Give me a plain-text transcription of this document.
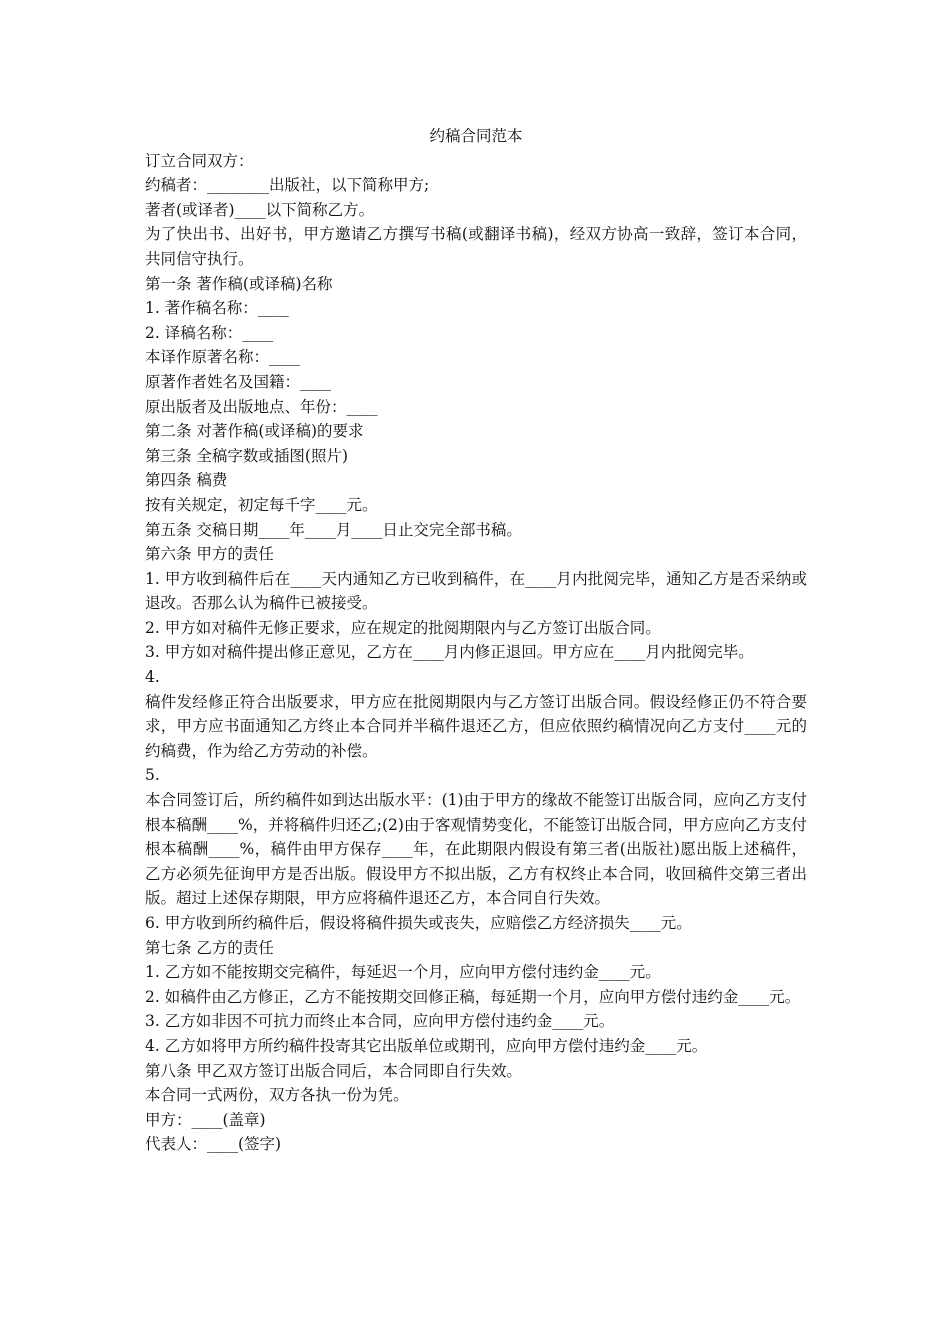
约稿合同范本
订立合同双方：
约稿者：________出版社，以下简称甲方;
著者(或译者)____以下简称乙方。
为了快出书、出好书，甲方邀请乙方撰写书稿(或翻译书稿)，经双方协高一致辞，签订本合同，共同信守执行。
第一条 著作稿(或译稿)名称
1. 著作稿名称：____
2. 译稿名称：____
本译作原著名称：____
原著作者姓名及国籍：____
原出版者及出版地点、年份：____
第二条 对著作稿(或译稿)的要求
第三条 全稿字数或插图(照片)
第四条 稿费
按有关规定，初定每千字____元。
第五条 交稿日期____年____月____日止交完全部书稿。
第六条 甲方的责任
1. 甲方收到稿件后在____天内通知乙方已收到稿件，在____月内批阅完毕，通知乙方是否采纳或退改。否那么认为稿件已被接受。
2. 甲方如对稿件无修正要求，应在规定的批阅期限内与乙方签订出版合同。
3. 甲方如对稿件提出修正意见，乙方在____月内修正退回。甲方应在____月内批阅完毕。
4.
稿件发经修正符合出版要求，甲方应在批阅期限内与乙方签订出版合同。假设经修正仍不符合要求，甲方应书面通知乙方终止本合同并半稿件退还乙方，但应依照约稿情况向乙方支付____元的约稿费，作为给乙方劳动的补偿。
5.
本合同签订后，所约稿件如到达出版水平：(1)由于甲方的缘故不能签订出版合同，应向乙方支付根本稿酬____%，并将稿件归还乙;(2)由于客观情势变化，不能签订出版合同，甲方应向乙方支付根本稿酬____%，稿件由甲方保存____年，在此期限内假设有第三者(出版社)愿出版上述稿件，乙方必须先征询甲方是否出版。假设甲方不拟出版，乙方有权终止本合同，收回稿件交第三者出版。超过上述保存期限，甲方应将稿件退还乙方，本合同自行失效。
6. 甲方收到所约稿件后，假设将稿件损失或丧失，应赔偿乙方经济损失____元。
第七条 乙方的责任
1. 乙方如不能按期交完稿件，每延迟一个月，应向甲方偿付违约金____元。
2. 如稿件由乙方修正，乙方不能按期交回修正稿，每延期一个月，应向甲方偿付违约金____元。
3. 乙方如非因不可抗力而终止本合同，应向甲方偿付违约金____元。
4. 乙方如将甲方所约稿件投寄其它出版单位或期刊，应向甲方偿付违约金____元。
第八条 甲乙双方签订出版合同后，本合同即自行失效。
本合同一式两份，双方各执一份为凭。
甲方：____(盖章)
代表人：____(签字)
